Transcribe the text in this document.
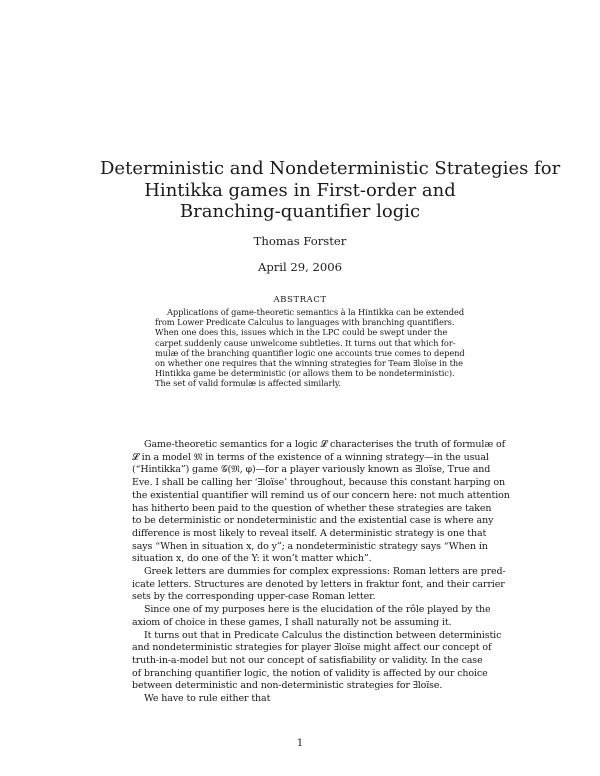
Deterministic and Nondeterministic Strategies for
Hintikka games in First-order and
Branching-quantifier logic
Thomas Forster
April 29, 2006
ABSTRACT
Applications of game-theoretic semantics à la Hintikka can be extended
from Lower Predicate Calculus to languages with branching quantifiers.
When one does this, issues which in the LPC could be swept under the
carpet suddenly cause unwelcome subtleties. It turns out that which for-
mulæ of the branching quantifier logic one accounts true comes to depend
on whether one requires that the winning strategies for Team ∃loïse in the
Hintikka game be deterministic (or allows them to be nondeterministic).
The set of valid formulæ is affected similarly.
Game-theoretic semantics for a logic 𝓛 characterises the truth of formulæ of
𝓛 in a model 𝔐 in terms of the existence of a winning strategy—in the usual
(“Hintikka”) game 𝒢(𝔐, φ)—for a player variously known as ∃loïse, True and
Eve. I shall be calling her ‘∃loïse’ throughout, because this constant harping on
the existential quantifier will remind us of our concern here: not much attention
has hitherto been paid to the question of whether these strategies are taken
to be deterministic or nondeterministic and the existential case is where any
difference is most likely to reveal itself. A deterministic strategy is one that
says “When in situation x, do y”; a nondeterministic strategy says “When in
situation x, do one of the Y: it won’t matter which”.
Greek letters are dummies for complex expressions: Roman letters are pred-
icate letters. Structures are denoted by letters in fraktur font, and their carrier
sets by the corresponding upper-case Roman letter.
Since one of my purposes here is the elucidation of the rôle played by the
axiom of choice in these games, I shall naturally not be assuming it.
It turns out that in Predicate Calculus the distinction between deterministic
and nondeterministic strategies for player ∃loïse might affect our concept of
truth-in-a-model but not our concept of satisfiability or validity. In the case
of branching quantifier logic, the notion of validity is affected by our choice
between deterministic and non-deterministic strategies for ∃loïse.
We have to rule either that
1
